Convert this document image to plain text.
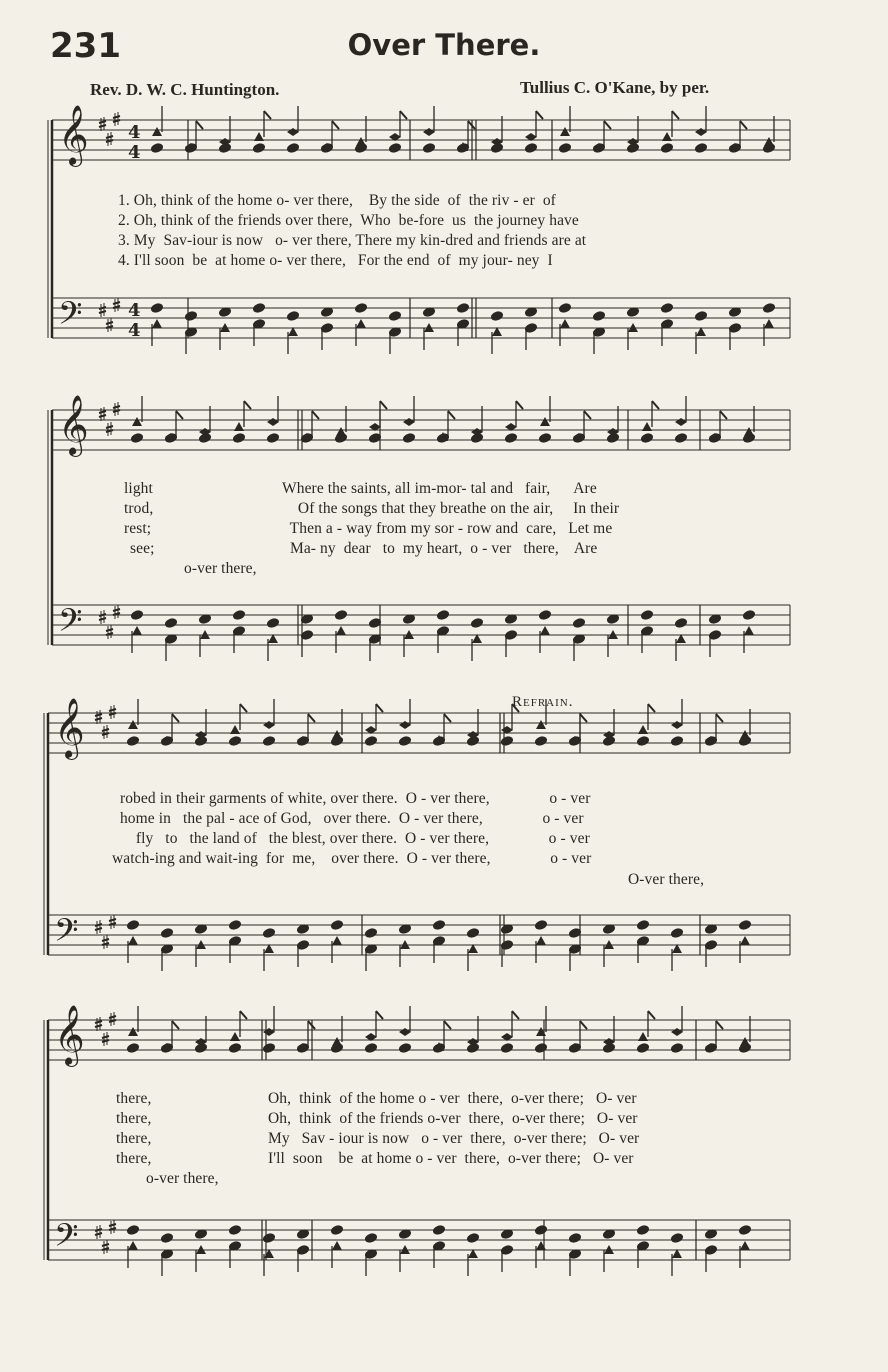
231	Over There.
Rev. D. W. C. Huntington.	Tullius C. O'Kane, by per.
𝄞
𝄢
4
4
4
4
𝄞
𝄢
𝄞
𝄢
𝄞
𝄢
1. Oh, think of the home o- ver there,    By the side  of  the riv - er  of
2. Oh, think of the friends over there,  Who  be-fore  us  the journey have
3. My  Sav-iour is now   o- ver there, There my kin-dred and friends are at
4. I'll soon  be  at home o- ver there,   For the end  of  my jour- ney  I
light
trod,
rest;
see;
Where the saints, all im-mor- tal and   fair,      Are
Of the songs that they breathe on the air,     In their
Then a - way from my sor - row and  care,   Let me
Ma- ny  dear   to  my heart,  o - ver   there,    Are
o-ver there,
Refrain.
robed in their garments of white, over there.  O - ver there,               o - ver
home in   the pal - ace of God,   over there.  O - ver there,               o - ver
fly   to   the land of   the blest, over there.  O - ver there,               o - ver
watch-ing and wait-ing  for  me,    over there.  O - ver there,               o - ver
O-ver there,
there,
there,
there,
there,
Oh,  think  of the home o - ver  there,  o-ver there;   O- ver
Oh,  think  of the friends o-ver  there,  o-ver there;   O- ver
My   Sav - iour is now   o - ver  there,  o-ver there;   O- ver
I'll  soon    be  at home o - ver  there,  o-ver there;   O- ver
o-ver there,
